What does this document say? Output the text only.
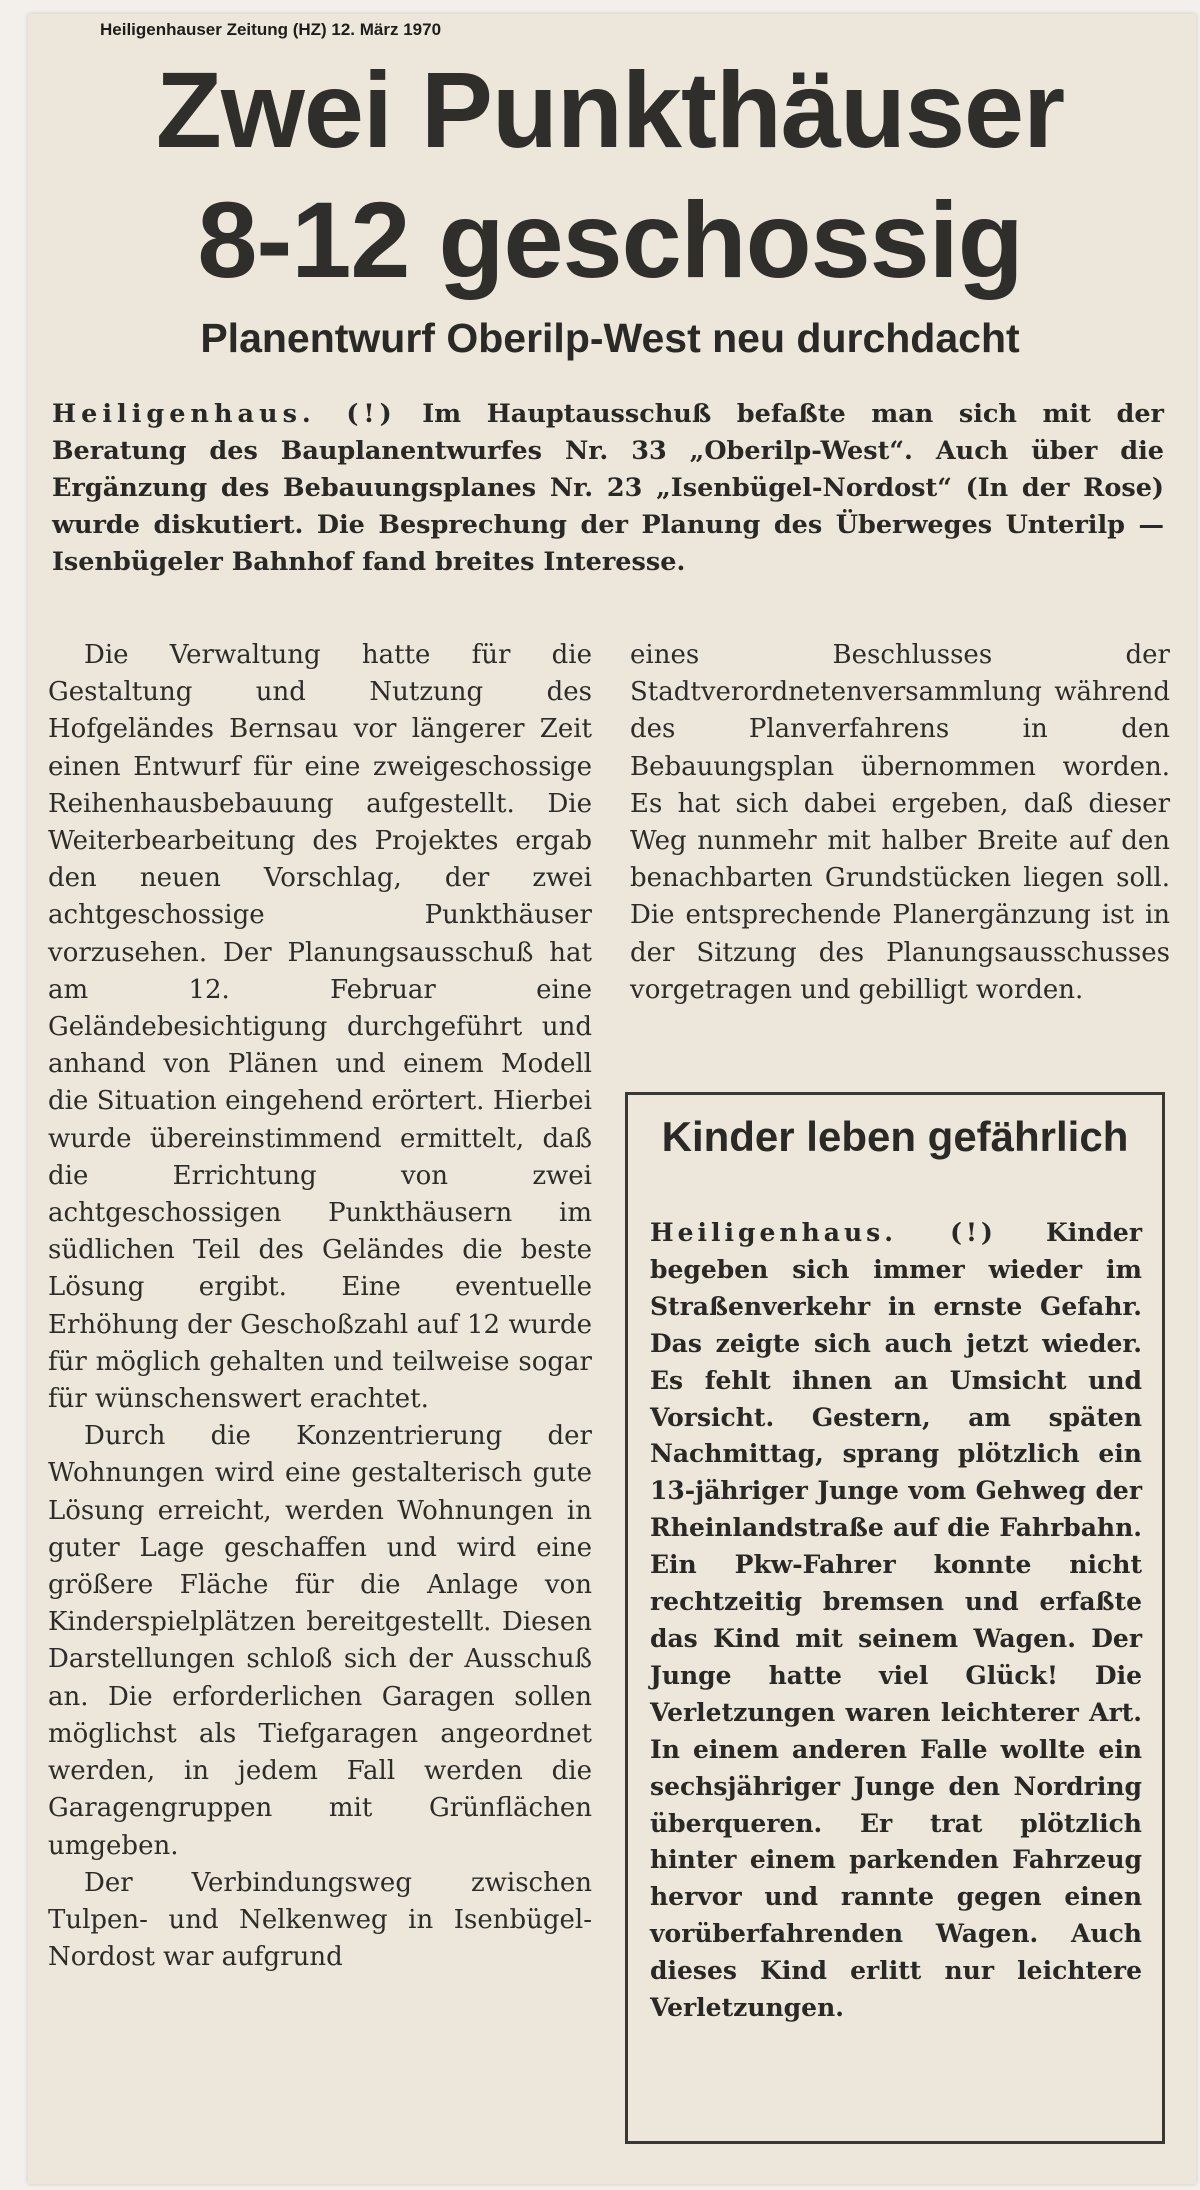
Heiligenhauser Zeitung (HZ) 12. März 1970
Zwei Punkthäuser
8-12 geschossig
Planentwurf Oberilp-West neu durchdacht

Heiligenhaus. (!) Im Hauptausschuß befaßte man sich mit der Beratung des Bauplanentwurfes Nr. 33 „Oberilp-West“. Auch über die Ergänzung des Bebauungsplanes Nr. 23 „Isenbügel-Nordost“ (In der Rose) wurde diskutiert. Die Besprechung der Planung des Überweges Unterilp — Isenbügeler Bahnhof fand breites Interesse.

Die Verwaltung hatte für die Gestaltung und Nutzung des Hofgeländes Bernsau vor längerer Zeit einen Entwurf für eine zweigeschossige Reihenhausbebauung aufgestellt. Die Weiterbearbeitung des Projektes ergab den neuen Vorschlag, der zwei achtgeschossige Punkthäuser vorzusehen. Der Planungsausschuß hat am 12. Februar eine Geländebesichtigung durchgeführt und anhand von Plänen und einem Modell die Situation eingehend erörtert. Hierbei wurde übereinstimmend ermittelt, daß die Errichtung von zwei achtgeschossigen Punkthäusern im südlichen Teil des Geländes die beste Lösung ergibt. Eine eventuelle Erhöhung der Geschoßzahl auf 12 wurde für möglich gehalten und teilweise sogar für wünschenswert erachtet.

Durch die Konzentrierung der Wohnungen wird eine gestalterisch gute Lösung erreicht, werden Wohnungen in guter Lage geschaffen und wird eine größere Fläche für die Anlage von Kinderspielplätzen bereitgestellt. Diesen Darstellungen schloß sich der Ausschuß an. Die erforderlichen Garagen sollen möglichst als Tiefgaragen angeordnet werden, in jedem Fall werden die Garagengruppen mit Grünflächen umgeben.

Der Verbindungsweg zwischen Tulpen- und Nelkenweg in Isenbügel-Nordost war aufgrund

eines Beschlusses der Stadtverordnetenversammlung während des Planverfahrens in den Bebauungsplan übernommen worden. Es hat sich dabei ergeben, daß dieser Weg nunmehr mit halber Breite auf den benachbarten Grundstücken liegen soll. Die entsprechende Planergänzung ist in der Sitzung des Planungsausschusses vorgetragen und gebilligt worden.

Kinder leben gefährlich

Heiligenhaus. (!) Kinder begeben sich immer wieder im Straßenverkehr in ernste Gefahr. Das zeigte sich auch jetzt wieder. Es fehlt ihnen an Umsicht und Vorsicht. Gestern, am späten Nachmittag, sprang plötzlich ein 13-jähriger Junge vom Gehweg der Rheinlandstraße auf die Fahrbahn. Ein Pkw-Fahrer konnte nicht rechtzeitig bremsen und erfaßte das Kind mit seinem Wagen. Der Junge hatte viel Glück! Die Verletzungen waren leichterer Art. In einem anderen Falle wollte ein sechsjähriger Junge den Nordring überqueren. Er trat plötzlich hinter einem parkenden Fahrzeug hervor und rannte gegen einen vorüberfahrenden Wagen. Auch dieses Kind erlitt nur leichtere Verletzungen.
